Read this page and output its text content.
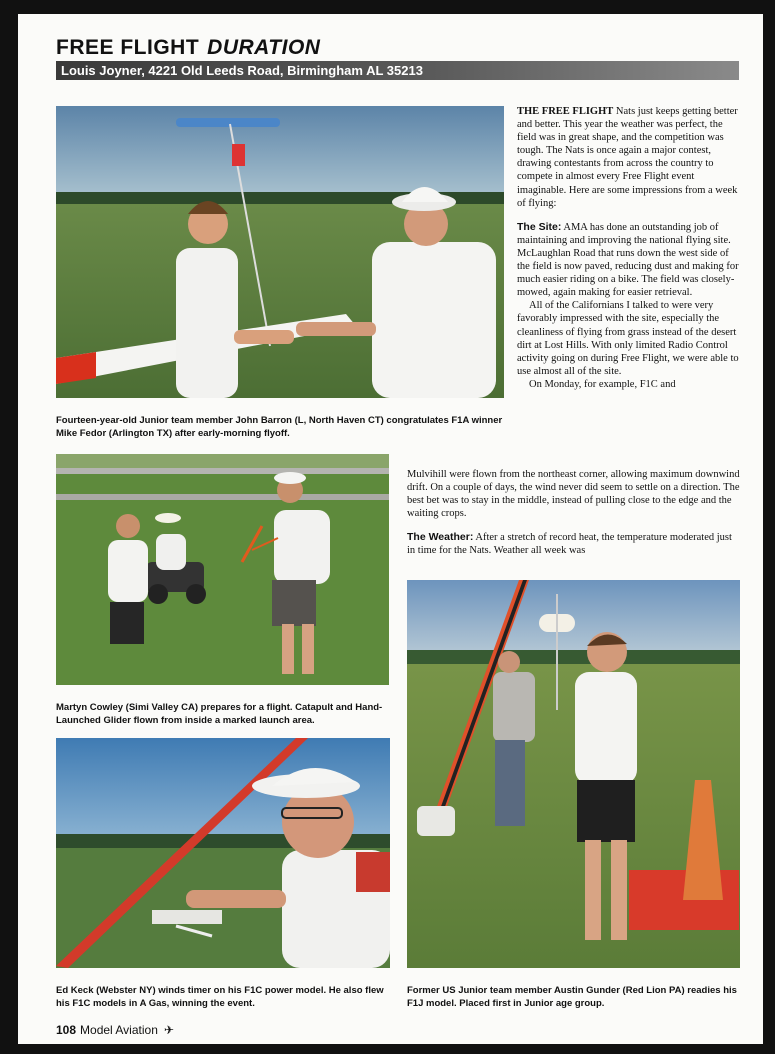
FREE FLIGHT DURATION
Louis Joyner, 4221 Old Leeds Road, Birmingham AL 35213
Fourteen-year-old Junior team member John Barron (L, North Haven CT) congratulates F1A winner Mike Fedor (Arlington TX) after early-morning flyoff.
Martyn Cowley (Simi Valley CA) prepares for a flight. Catapult and Hand-Launched Glider flown from inside a marked launch area.
Ed Keck (Webster NY) winds timer on his F1C power model. He also flew his F1C models in A Gas, winning the event.
Former US Junior team member Austin Gunder (Red Lion PA) readies his F1J model. Placed first in Junior age group.

THE FREE FLIGHT Nats just keeps getting better and better. This year the weather was perfect, the field was in great shape, and the competition was tough. The Nats is once again a major contest, drawing contestants from across the country to compete in almost every Free Flight event imaginable. Here are some impressions from a week of flying:

The Site: AMA has done an outstanding job of maintaining and improving the national flying site. McLaughlan Road that runs down the west side of the field is now paved, reducing dust and making for much easier riding on a bike. The field was closely-mowed, again making for easier retrieval.

All of the Californians I talked to were very favorably impressed with the site, especially the cleanliness of flying from grass instead of the desert dirt at Lost Hills. With only limited Radio Control activity going on during Free Flight, we were able to use almost all of the site.

On Monday, for example, F1C and

Mulvihill were flown from the northeast corner, allowing maximum downwind drift. On a couple of days, the wind never did seem to settle on a direction. The best bet was to stay in the middle, instead of pulling close to the edge and the waiting crops.

The Weather: After a stretch of record heat, the temperature moderated just in time for the Nats. Weather all week was

108 Model Aviation ✈
